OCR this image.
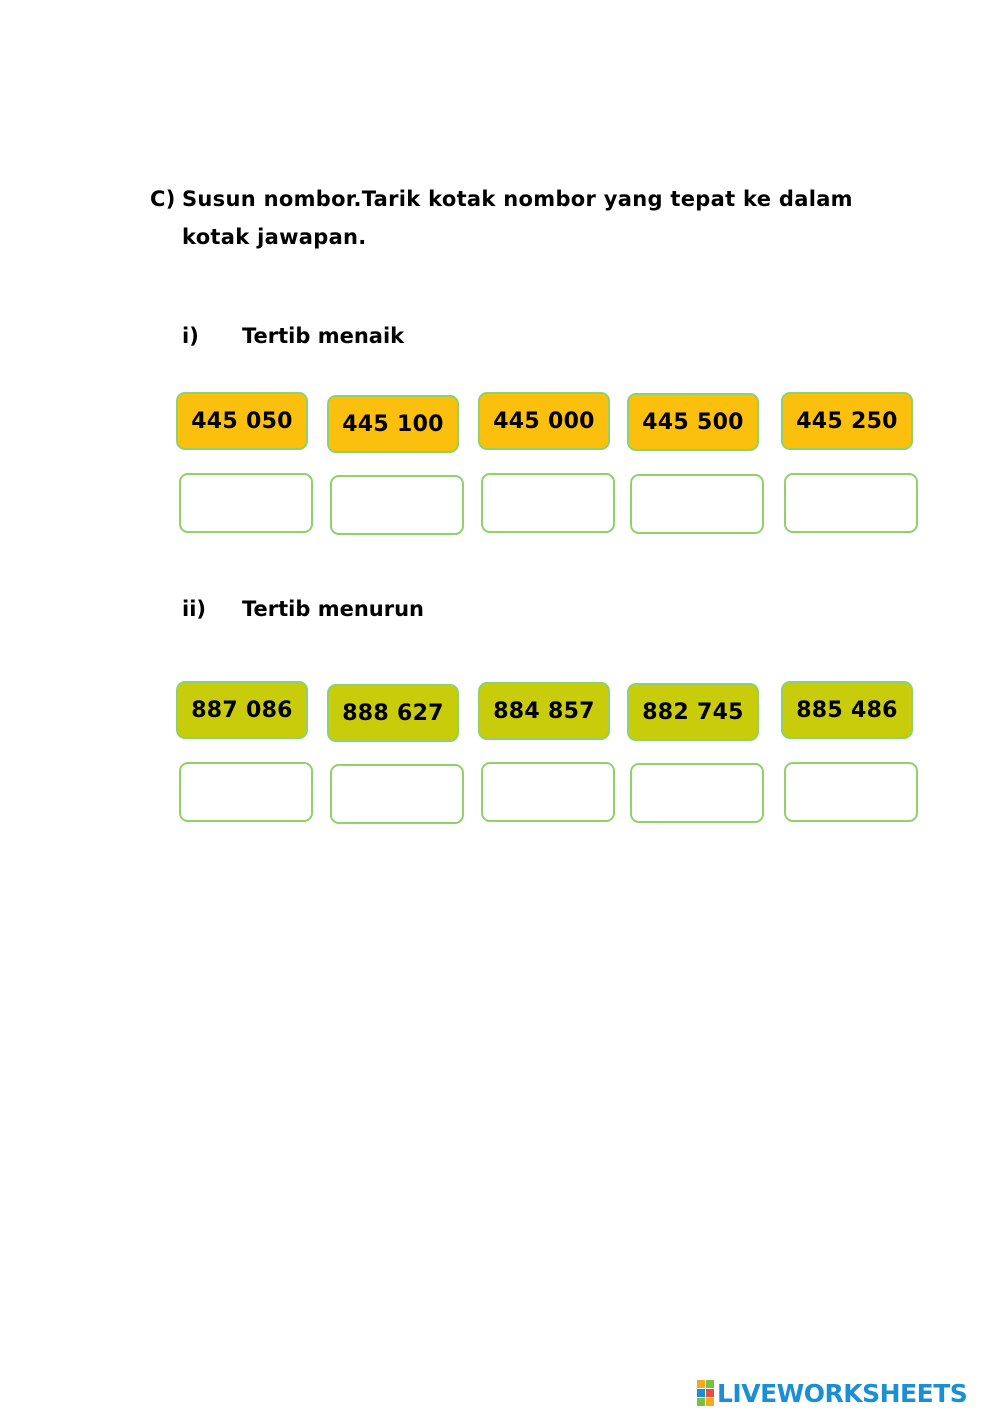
C) Susun nombor.Tarik kotak nombor yang tepat ke dalam
kotak jawapan.
i) Tertib menaik
445 050	445 100	445 000	445 500	445 250
ii) Tertib menurun
887 086	888 627	884 857	882 745	885 486
LIVEWORKSHEETS
